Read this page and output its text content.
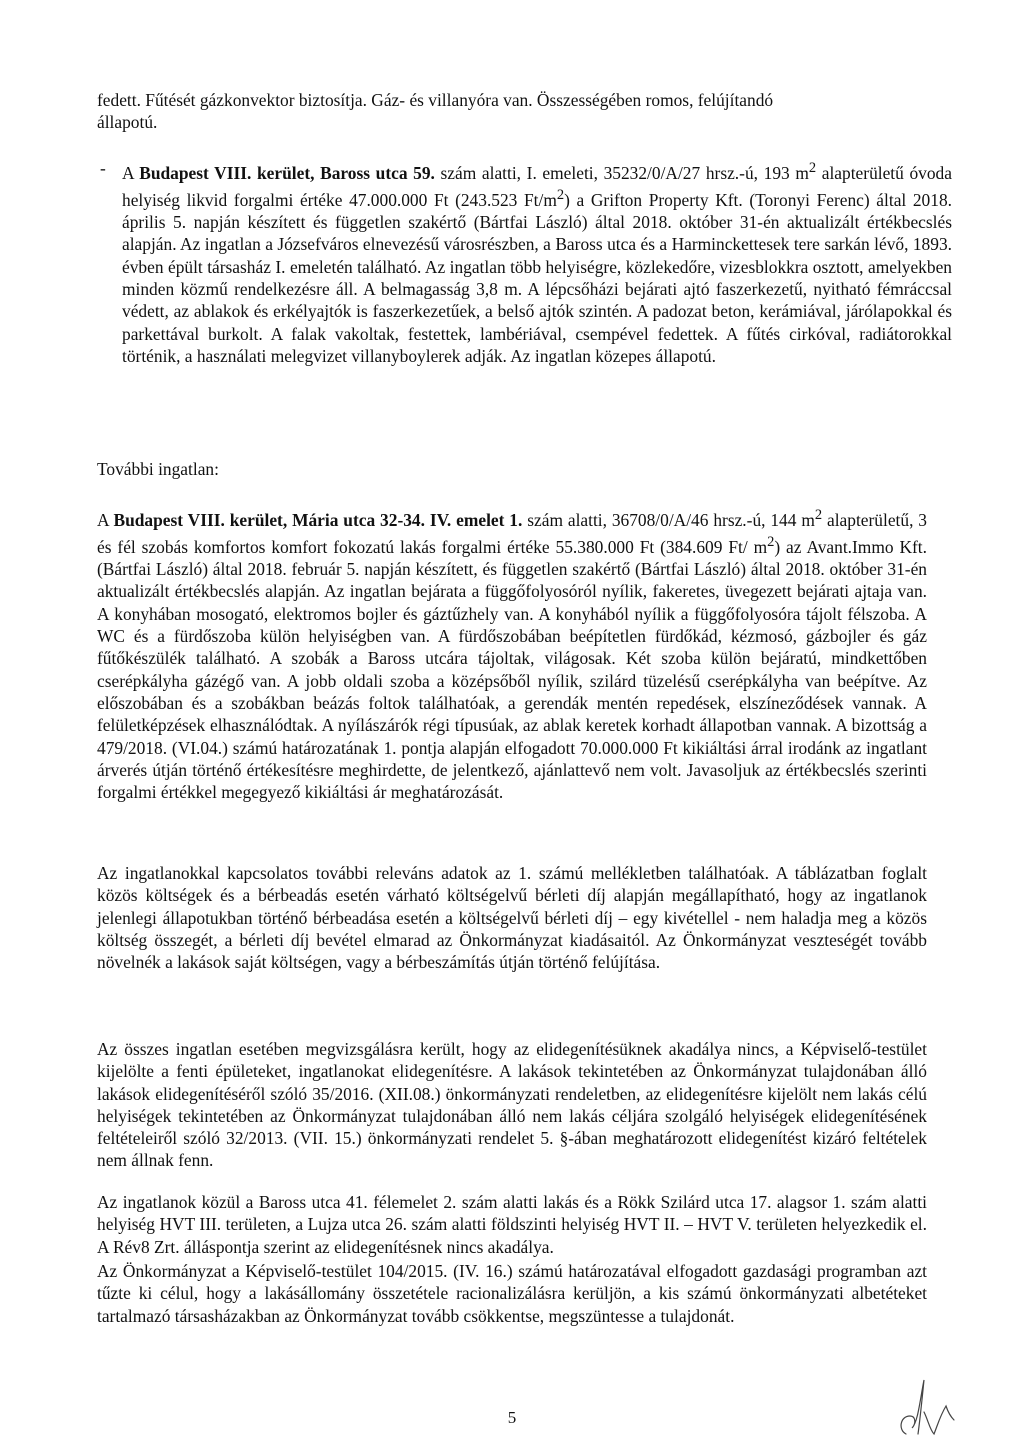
fedett. Fűtését gázkonvektor biztosítja. Gáz- és villanyóra van. Összességében romos, felújítandó

állapotú.

- A Budapest VIII. kerület, Baross utca 59. szám alatti, I. emeleti, 35232/0/A/27 hrsz.-ú, 193 $m^2$ alapterületű óvoda helyiség likvid forgalmi értéke 47.000.000 Ft (243.523 $Ft/m^2$) a Grifton Property Kft. (Toronyi Ferenc) által 2018. április 5. napján készített és független szakértő (Bártfai László) által 2018. október 31-én aktualizált értékbecslés alapján. Az ingatlan a Józsefváros elnevezésű városrészben, a Baross utca és a Harminckettesek tere sarkán lévő, 1893. évben épült társasház I. emeletén található. Az ingatlan több helyiségre, közlekedőre, vizesblokkra osztott, amelyekben minden közmű rendelkezésre áll. A belmagasság 3,8 m. A lépcsőházi bejárati ajtó faszerkezetű, nyitható fémráccsal védett, az ablakok és erkélyajtók is faszerkezetűek, a belső ajtók szintén. A padozat beton, kerámiával, járólapokkal és parkettával burkolt. A falak vakoltak, festettek, lambériával, csempével fedettek. A fűtés cirkóval, radiátorokkal történik, a használati melegvizet villanyboylerek adják. Az ingatlan közepes állapotú.

További ingatlan:

A Budapest VIII. kerület, Mária utca 32-34. IV. emelet 1. szám alatti, 36708/0/A/46 hrsz.-ú, 144 $m^2$ alapterületű, 3 és fél szobás komfortos komfort fokozatú lakás forgalmi értéke 55.380.000 Ft (384.609 Ft/ $m^2$) az Avant.Immo Kft. (Bártfai László) által 2018. február 5. napján készített, és független szakértő (Bártfai László) által 2018. október 31-én aktualizált értékbecslés alapján. Az ingatlan bejárata a függőfolyosóról nyílik, fakeretes, üvegezett bejárati ajtaja van. A konyhában mosogató, elektromos bojler és gáztűzhely van. A konyhából nyílik a függőfolyosóra tájolt félszoba. A WC és a fürdőszoba külön helyiségben van. A fürdőszobában beépítetlen fürdőkád, kézmosó, gázbojler és gáz fűtőkészülék található. A szobák a Baross utcára tájoltak, világosak. Két szoba külön bejáratú, mindkettőben cserépkályha gázégő van. A jobb oldali szoba a középsőből nyílik, szilárd tüzelésű cserépkályha van beépítve. Az előszobában és a szobákban beázás foltok találhatóak, a gerendák mentén repedések, elszíneződések vannak. A felületképzések elhasználódtak. A nyílászárók régi típusúak, az ablak keretek korhadt állapotban vannak. A bizottság a 479/2018. (VI.04.) számú határozatának 1. pontja alapján elfogadott 70.000.000 Ft kikiáltási árral irodánk az ingatlant árverés útján történő értékesítésre meghirdette, de jelentkező, ajánlattevő nem volt. Javasoljuk az értékbecslés szerinti forgalmi értékkel megegyező kikiáltási ár meghatározását.

Az ingatlanokkal kapcsolatos további releváns adatok az 1. számú mellékletben találhatóak. A táblázatban foglalt közös költségek és a bérbeadás esetén várható költségelvű bérleti díj alapján megállapítható, hogy az ingatlanok jelenlegi állapotukban történő bérbeadása esetén a költségelvű bérleti díj – egy kivétellel - nem haladja meg a közös költség összegét, a bérleti díj bevétel elmarad az Önkormányzat kiadásaitól. Az Önkormányzat veszteségét tovább növelnék a lakások saját költségen, vagy a bérbeszámítás útján történő felújítása.

Az összes ingatlan esetében megvizsgálásra került, hogy az elidegenítésüknek akadálya nincs, a Képviselő-testület kijelölte a fenti épületeket, ingatlanokat elidegenítésre. A lakások tekintetében az Önkormányzat tulajdonában álló lakások elidegenítéséről szóló 35/2016. (XII.08.) önkormányzati rendeletben, az elidegenítésre kijelölt nem lakás célú helyiségek tekintetében az Önkormányzat tulajdonában álló nem lakás céljára szolgáló helyiségek elidegenítésének feltételeiről szóló 32/2013. (VII. 15.) önkormányzati rendelet 5. §-ában meghatározott elidegenítést kizáró feltételek nem állnak fenn.

Az ingatlanok közül a Baross utca 41. félemelet 2. szám alatti lakás és a Rökk Szilárd utca 17. alagsor 1. szám alatti helyiség HVT III. területen, a Lujza utca 26. szám alatti földszinti helyiség HVT II. – HVT V. területen helyezkedik el. A Rév8 Zrt. álláspontja szerint az elidegenítésnek nincs akadálya.

Az Önkormányzat a Képviselő-testület 104/2015. (IV. 16.) számú határozatával elfogadott gazdasági programban azt tűzte ki célul, hogy a lakásállomány összetétele racionalizálásra kerüljön, a kis számú önkormányzati albetéteket tartalmazó társasházakban az Önkormányzat tovább csökkentse, megszüntesse a tulajdonát.

5
